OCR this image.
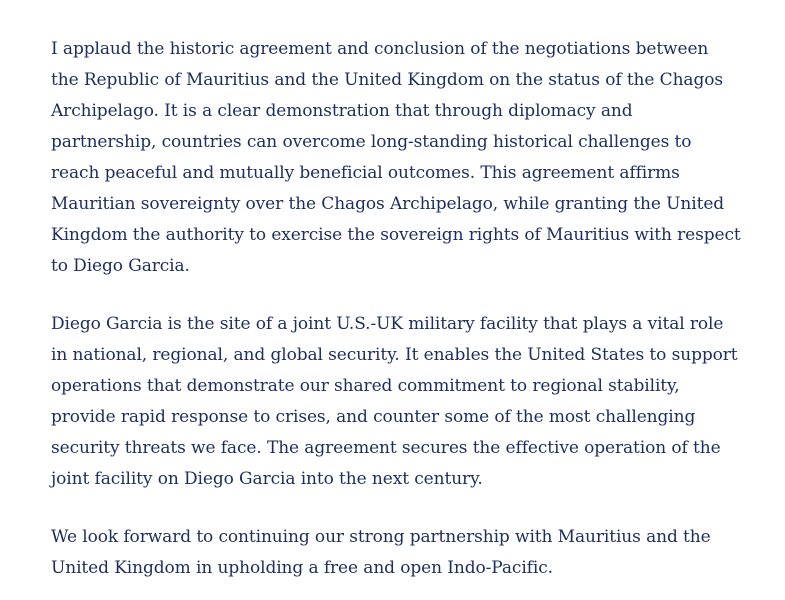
I applaud the historic agreement and conclusion of the negotiations between the Republic of Mauritius and the United Kingdom on the status of the Chagos Archipelago. It is a clear demonstration that through diplomacy and partnership, countries can overcome long-standing historical challenges to reach peaceful and mutually beneficial outcomes. This agreement affirms Mauritian sovereignty over the Chagos Archipelago, while granting the United Kingdom the authority to exercise the sovereign rights of Mauritius with respect to Diego Garcia.

Diego Garcia is the site of a joint U.S.-UK military facility that plays a vital role in national, regional, and global security. It enables the United States to support operations that demonstrate our shared commitment to regional stability, provide rapid response to crises, and counter some of the most challenging security threats we face. The agreement secures the effective operation of the joint facility on Diego Garcia into the next century.

We look forward to continuing our strong partnership with Mauritius and the United Kingdom in upholding a free and open Indo-Pacific.
